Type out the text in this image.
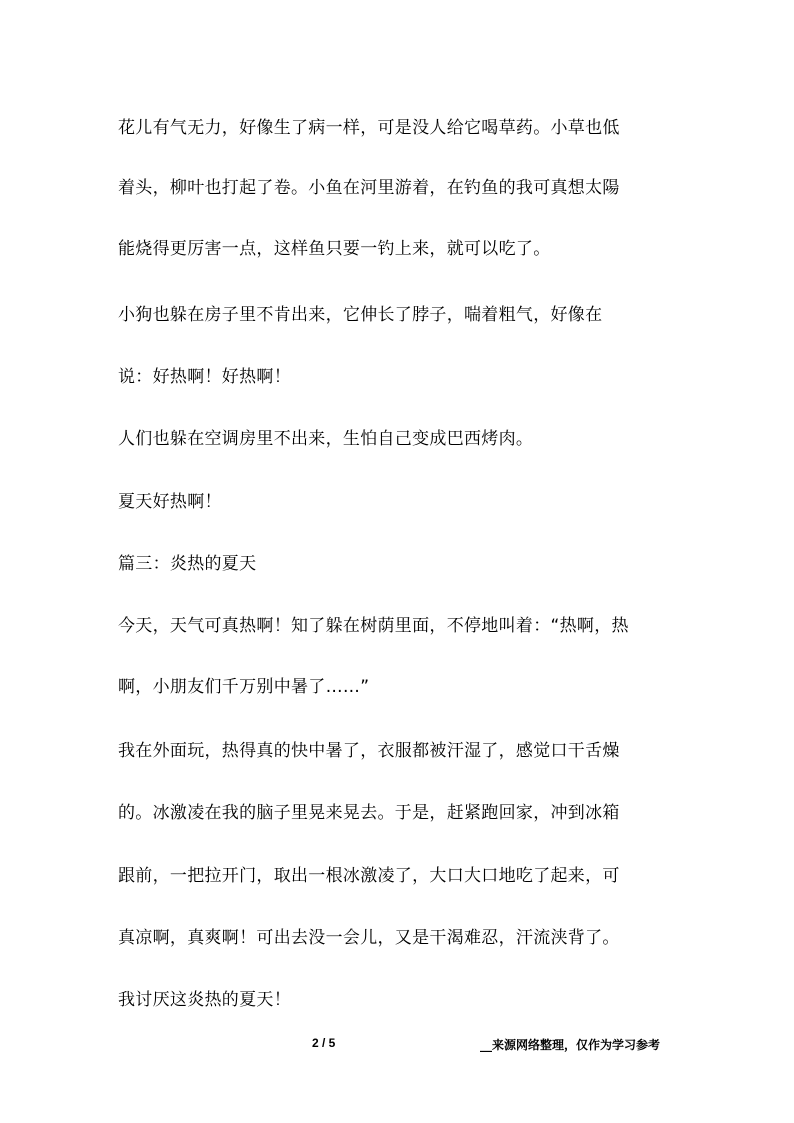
花儿有气无力，好像生了病一样，可是没人给它喝草药。小草也低
着头，柳叶也打起了卷。小鱼在河里游着，在钓鱼的我可真想太陽
能烧得更厉害一点，这样鱼只要一钓上来，就可以吃了。
小狗也躲在房子里不肯出来，它伸长了脖子，喘着粗气，好像在
说：好热啊！好热啊！
人们也躲在空调房里不出来，生怕自己变成巴西烤肉。
夏天好热啊！
篇三：炎热的夏天
今天，天气可真热啊！知了躲在树荫里面，不停地叫着：“热啊，热
啊，小朋友们千万别中暑了……”
我在外面玩，热得真的快中暑了，衣服都被汗湿了，感觉口干舌燥
的。冰激凌在我的脑子里晃来晃去。于是，赶紧跑回家，冲到冰箱
跟前，一把拉开门，取出一根冰激凌了，大口大口地吃了起来，可
真凉啊，真爽啊！可出去没一会儿，又是干渴难忍，汗流浃背了。
我讨厌这炎热的夏天！
2 / 5	__来源网络整理，仅作为学习参考
